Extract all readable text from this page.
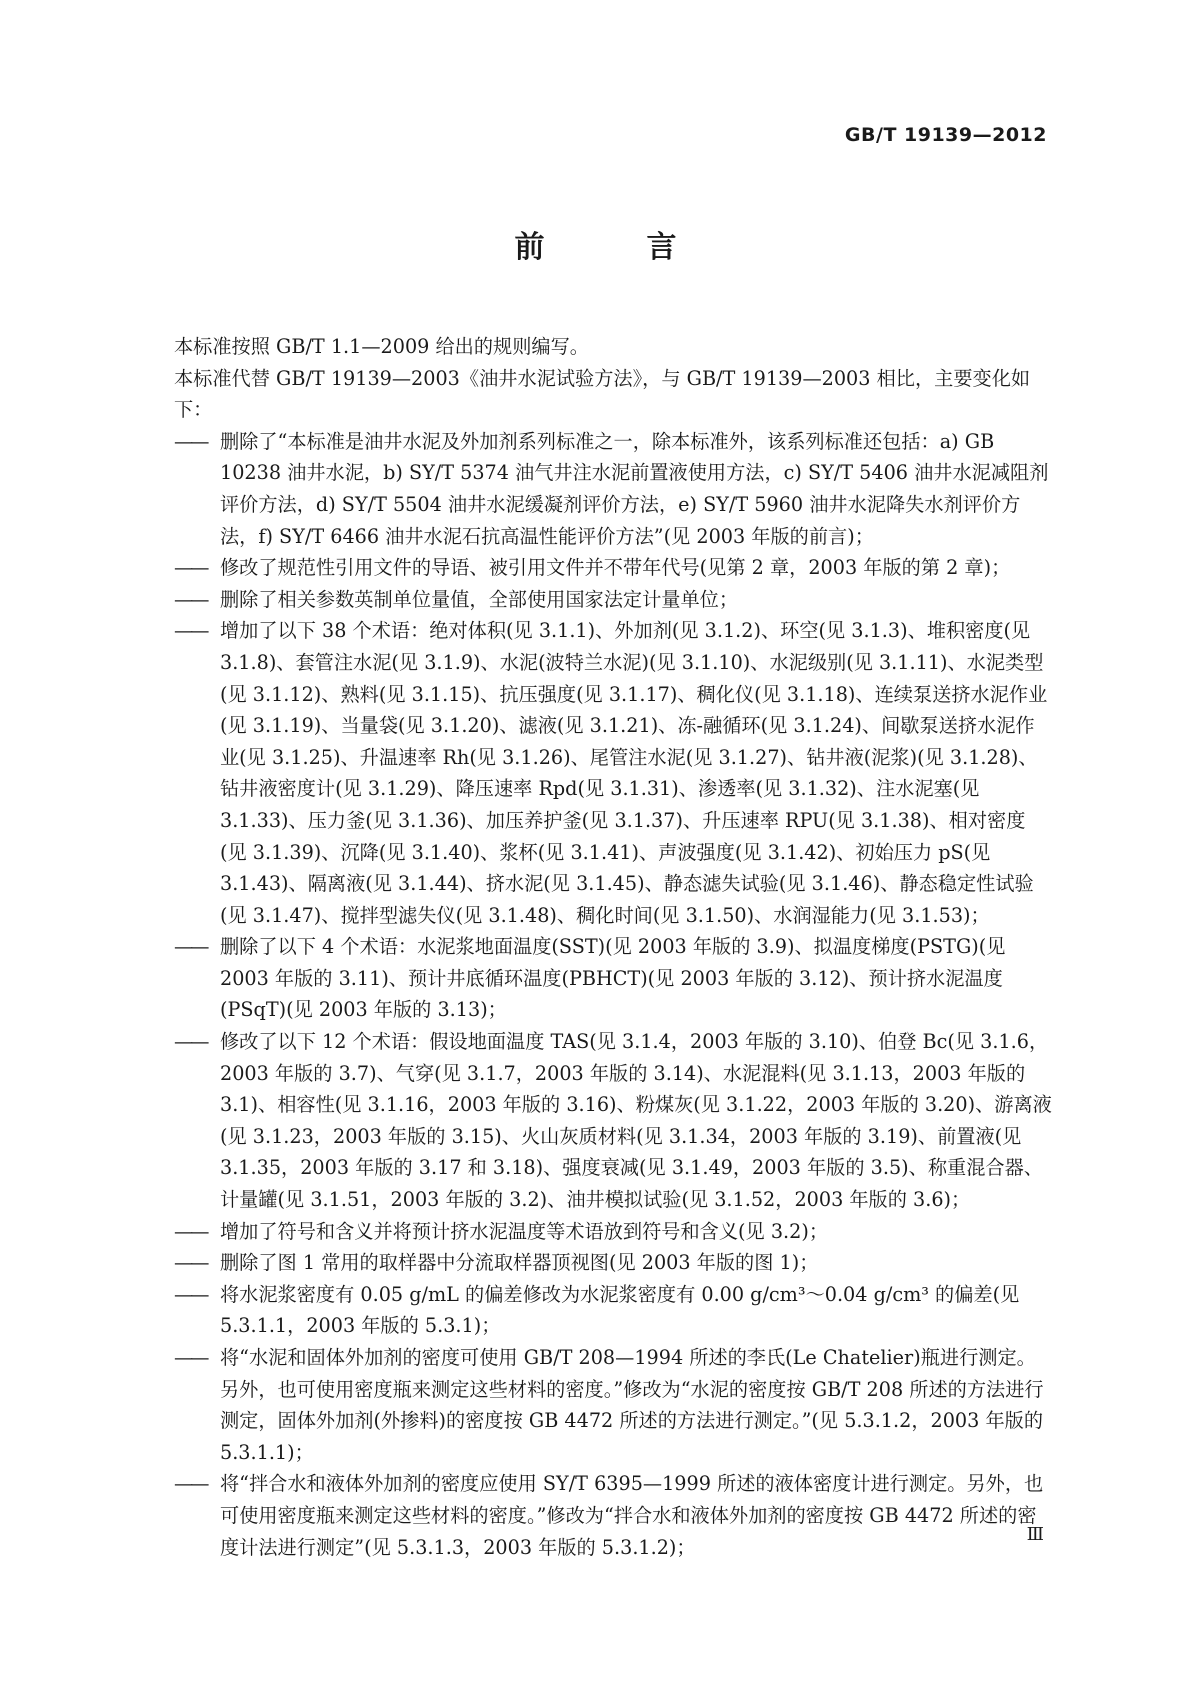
GB/T 19139—2012
前　言

本标准按照 GB/T 1.1—2009 给出的规则编写。

本标准代替 GB/T 19139—2003《油井水泥试验方法》，与 GB/T 19139—2003 相比，主要变化如下：

—— 删除了“本标准是油井水泥及外加剂系列标准之一，除本标准外，该系列标准还包括：a) GB 10238 油井水泥，b) SY/T 5374 油气井注水泥前置液使用方法，c) SY/T 5406 油井水泥减阻剂评价方法，d) SY/T 5504 油井水泥缓凝剂评价方法，e) SY/T 5960 油井水泥降失水剂评价方法，f) SY/T 6466 油井水泥石抗高温性能评价方法”(见 2003 年版的前言)；
—— 修改了规范性引用文件的导语、被引用文件并不带年代号(见第 2 章，2003 年版的第 2 章)；
—— 删除了相关参数英制单位量值，全部使用国家法定计量单位；
—— 增加了以下 38 个术语：绝对体积(见 3.1.1)、外加剂(见 3.1.2)、环空(见 3.1.3)、堆积密度(见 3.1.8)、套管注水泥(见 3.1.9)、水泥(波特兰水泥)(见 3.1.10)、水泥级别(见 3.1.11)、水泥类型(见 3.1.12)、熟料(见 3.1.15)、抗压强度(见 3.1.17)、稠化仪(见 3.1.18)、连续泵送挤水泥作业(见 3.1.19)、当量袋(见 3.1.20)、滤液(见 3.1.21)、冻-融循环(见 3.1.24)、间歇泵送挤水泥作业(见 3.1.25)、升温速率 Rh(见 3.1.26)、尾管注水泥(见 3.1.27)、钻井液(泥浆)(见 3.1.28)、钻井液密度计(见 3.1.29)、降压速率 Rpd(见 3.1.31)、渗透率(见 3.1.32)、注水泥塞(见 3.1.33)、压力釜(见 3.1.36)、加压养护釜(见 3.1.37)、升压速率 RPU(见 3.1.38)、相对密度(见 3.1.39)、沉降(见 3.1.40)、浆杯(见 3.1.41)、声波强度(见 3.1.42)、初始压力 pS(见 3.1.43)、隔离液(见 3.1.44)、挤水泥(见 3.1.45)、静态滤失试验(见 3.1.46)、静态稳定性试验(见 3.1.47)、搅拌型滤失仪(见 3.1.48)、稠化时间(见 3.1.50)、水润湿能力(见 3.1.53)；
—— 删除了以下 4 个术语：水泥浆地面温度(SST)(见 2003 年版的 3.9)、拟温度梯度(PSTG)(见 2003 年版的 3.11)、预计井底循环温度(PBHCT)(见 2003 年版的 3.12)、预计挤水泥温度(PSqT)(见 2003 年版的 3.13)；
—— 修改了以下 12 个术语：假设地面温度 TAS(见 3.1.4，2003 年版的 3.10)、伯登 Bc(见 3.1.6，2003 年版的 3.7)、气穿(见 3.1.7，2003 年版的 3.14)、水泥混料(见 3.1.13，2003 年版的 3.1)、相容性(见 3.1.16，2003 年版的 3.16)、粉煤灰(见 3.1.22，2003 年版的 3.20)、游离液(见 3.1.23，2003 年版的 3.15)、火山灰质材料(见 3.1.34，2003 年版的 3.19)、前置液(见 3.1.35，2003 年版的 3.17 和 3.18)、强度衰减(见 3.1.49，2003 年版的 3.5)、称重混合器、计量罐(见 3.1.51，2003 年版的 3.2)、油井模拟试验(见 3.1.52，2003 年版的 3.6)；
—— 增加了符号和含义并将预计挤水泥温度等术语放到符号和含义(见 3.2)；
—— 删除了图 1 常用的取样器中分流取样器顶视图(见 2003 年版的图 1)；
—— 将水泥浆密度有 0.05 g/mL 的偏差修改为水泥浆密度有 0.00 g/cm³～0.04 g/cm³ 的偏差(见 5.3.1.1，2003 年版的 5.3.1)；
—— 将“水泥和固体外加剂的密度可使用 GB/T 208—1994 所述的李氏(Le Chatelier)瓶进行测定。另外，也可使用密度瓶来测定这些材料的密度。”修改为“水泥的密度按 GB/T 208 所述的方法进行测定，固体外加剂(外掺料)的密度按 GB 4472 所述的方法进行测定。”(见 5.3.1.2，2003 年版的 5.3.1.1)；
—— 将“拌合水和液体外加剂的密度应使用 SY/T 6395—1999 所述的液体密度计进行测定。另外，也可使用密度瓶来测定这些材料的密度。”修改为“拌合水和液体外加剂的密度按 GB 4472 所述的密度计法进行测定”(见 5.3.1.3，2003 年版的 5.3.1.2)；
Ⅲ
